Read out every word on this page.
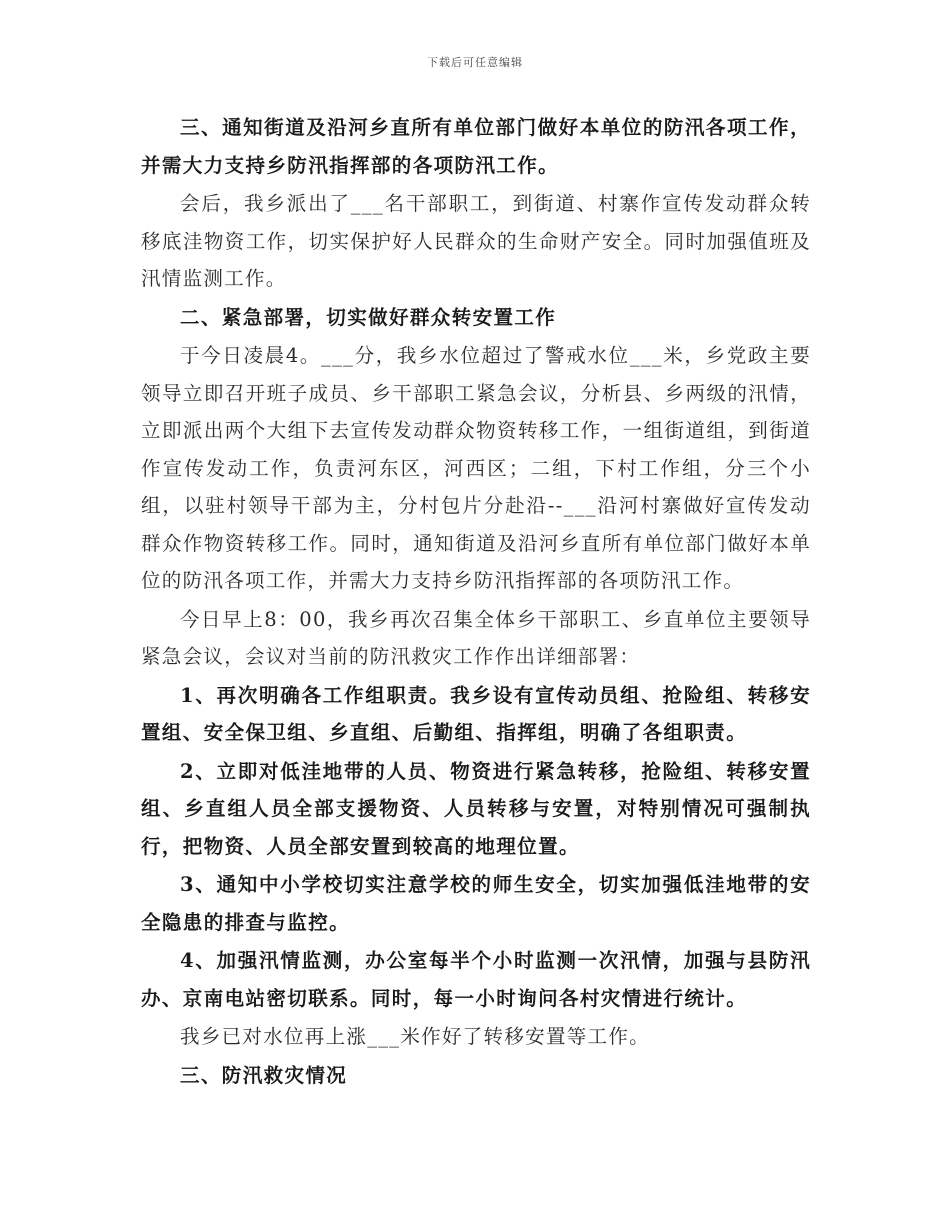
下载后可任意编辑

三、通知街道及沿河乡直所有单位部门做好本单位的防汛各项工作，并需大力支持乡防汛指挥部的各项防汛工作。

会后，我乡派出了___名干部职工，到街道、村寨作宣传发动群众转移底洼物资工作，切实保护好人民群众的生命财产安全。同时加强值班及汛情监测工作。

二、紧急部署，切实做好群众转安置工作

于今日凌晨4。___分，我乡水位超过了警戒水位___米，乡党政主要领导立即召开班子成员、乡干部职工紧急会议，分析县、乡两级的汛情，立即派出两个大组下去宣传发动群众物资转移工作，一组街道组，到街道作宣传发动工作，负责河东区，河西区；二组，下村工作组，分三个小组，以驻村领导干部为主，分村包片分赴沿--___沿河村寨做好宣传发动群众作物资转移工作。同时，通知街道及沿河乡直所有单位部门做好本单位的防汛各项工作，并需大力支持乡防汛指挥部的各项防汛工作。

今日早上8：00，我乡再次召集全体乡干部职工、乡直单位主要领导紧急会议，会议对当前的防汛救灾工作作出详细部署：

1、再次明确各工作组职责。我乡设有宣传动员组、抢险组、转移安置组、安全保卫组、乡直组、后勤组、指挥组，明确了各组职责。

2、立即对低洼地带的人员、物资进行紧急转移，抢险组、转移安置组、乡直组人员全部支援物资、人员转移与安置，对特别情况可强制执行，把物资、人员全部安置到较高的地理位置。

3、通知中小学校切实注意学校的师生安全，切实加强低洼地带的安全隐患的排查与监控。

4、加强汛情监测，办公室每半个小时监测一次汛情，加强与县防汛办、京南电站密切联系。同时，每一小时询问各村灾情进行统计。

我乡已对水位再上涨___米作好了转移安置等工作。

三、防汛救灾情况
